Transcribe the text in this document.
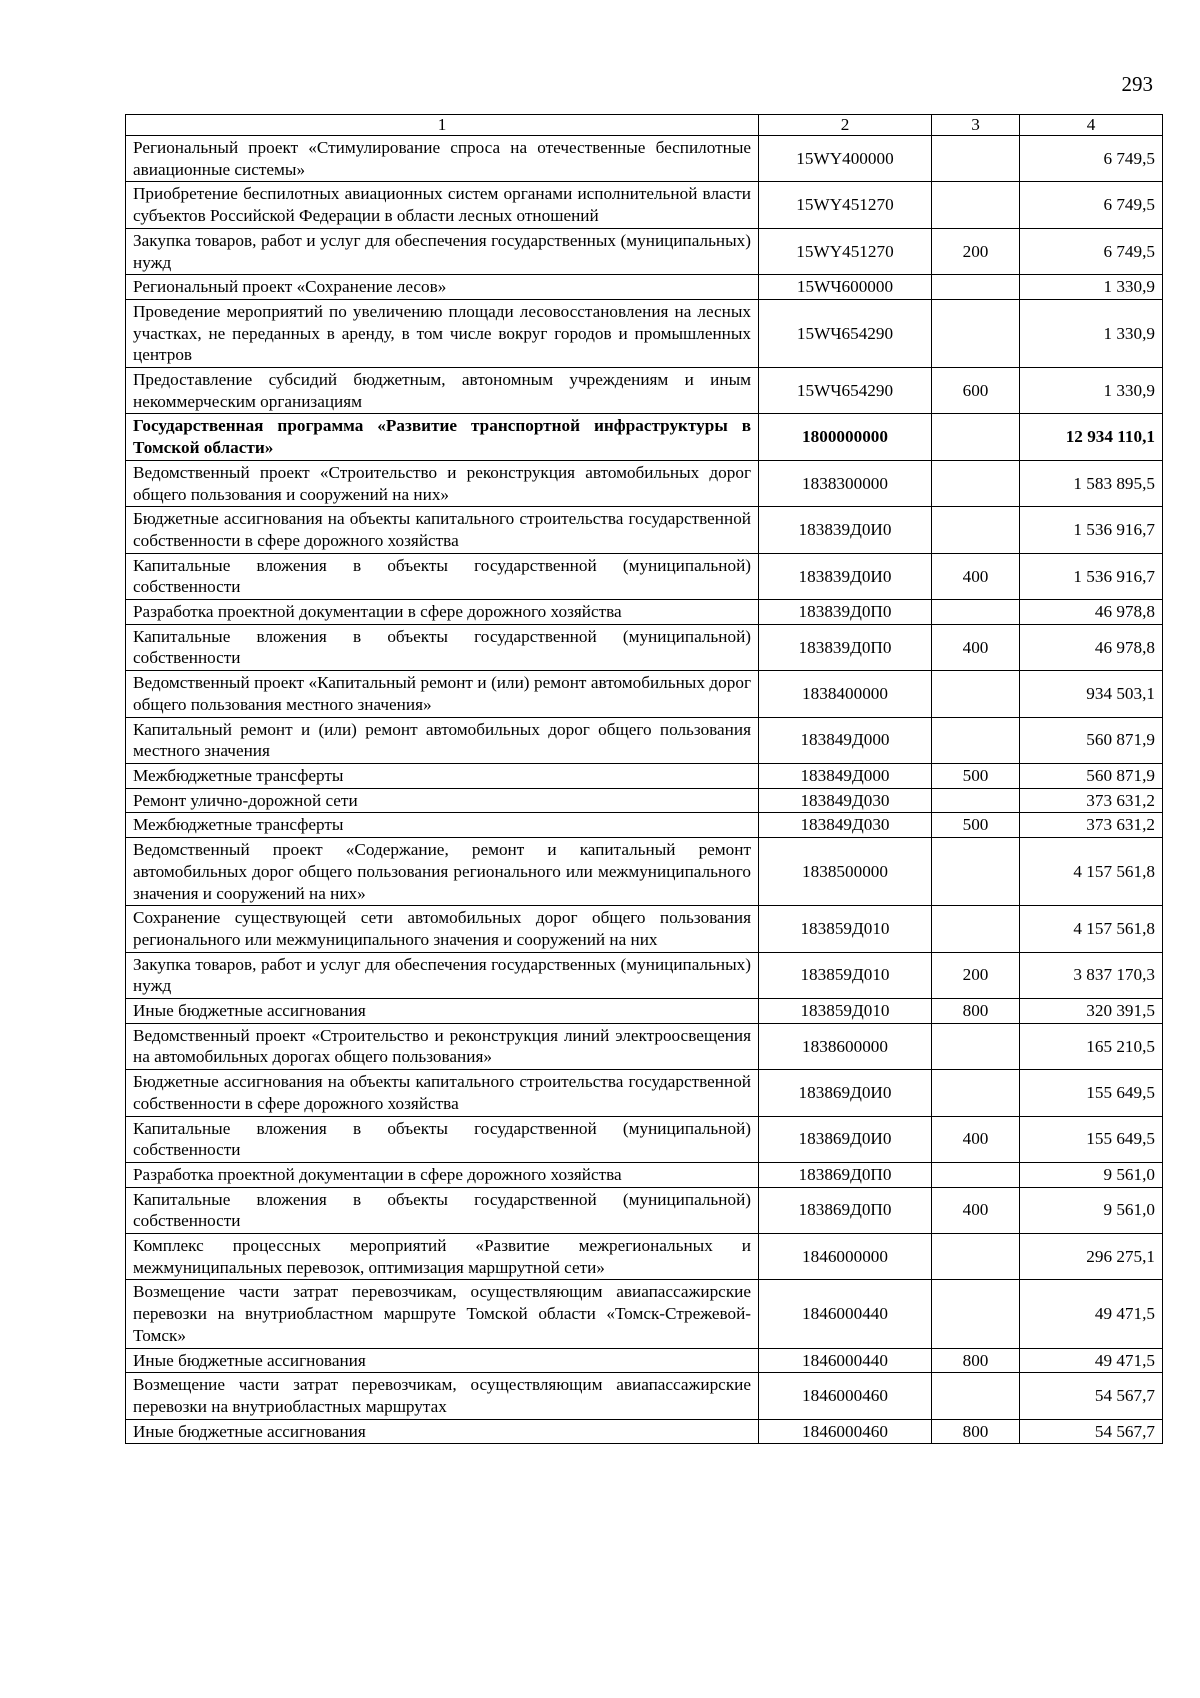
293
1	2	3	4
Региональный проект «Стимулирование спроса на отечественные беспилотные авиационные системы»	15WY400000		6 749,5
Приобретение беспилотных авиационных систем органами исполнительной власти субъектов Российской Федерации в области лесных отношений	15WY451270		6 749,5
Закупка товаров, работ и услуг для обеспечения государственных (муниципальных) нужд	15WY451270	200	6 749,5
Региональный проект «Сохранение лесов»	15WЧ600000		1 330,9
Проведение мероприятий по увеличению площади лесовосстановления на лесных участках, не переданных в аренду, в том числе вокруг городов и промышленных центров	15WЧ654290		1 330,9
Предоставление субсидий бюджетным, автономным учреждениям и иным некоммерческим организациям	15WЧ654290	600	1 330,9
Государственная программа «Развитие транспортной инфраструктуры в Томской области»	1800000000		12 934 110,1
Ведомственный проект «Строительство и реконструкция автомобильных дорог общего пользования и сооружений на них»	1838300000		1 583 895,5
Бюджетные ассигнования на объекты капитального строительства государственной собственности в сфере дорожного хозяйства	183839Д0И0		1 536 916,7
Капитальные вложения в объекты государственной (муниципальной) собственности	183839Д0И0	400	1 536 916,7
Разработка проектной документации в сфере дорожного хозяйства	183839Д0П0		46 978,8
Капитальные вложения в объекты государственной (муниципальной) собственности	183839Д0П0	400	46 978,8
Ведомственный проект «Капитальный ремонт и (или) ремонт автомобильных дорог общего пользования местного значения»	1838400000		934 503,1
Капитальный ремонт и (или) ремонт автомобильных дорог общего пользования местного значения	183849Д000		560 871,9
Межбюджетные трансферты	183849Д000	500	560 871,9
Ремонт улично-дорожной сети	183849Д030		373 631,2
Межбюджетные трансферты	183849Д030	500	373 631,2
Ведомственный проект «Содержание, ремонт и капитальный ремонт автомобильных дорог общего пользования регионального или межмуниципального значения и сооружений на них»	1838500000		4 157 561,8
Сохранение существующей сети автомобильных дорог общего пользования регионального или межмуниципального значения и сооружений на них	183859Д010		4 157 561,8
Закупка товаров, работ и услуг для обеспечения государственных (муниципальных) нужд	183859Д010	200	3 837 170,3
Иные бюджетные ассигнования	183859Д010	800	320 391,5
Ведомственный проект «Строительство и реконструкция линий электроосвещения на автомобильных дорогах общего пользования»	1838600000		165 210,5
Бюджетные ассигнования на объекты капитального строительства государственной собственности в сфере дорожного хозяйства	183869Д0И0		155 649,5
Капитальные вложения в объекты государственной (муниципальной) собственности	183869Д0И0	400	155 649,5
Разработка проектной документации в сфере дорожного хозяйства	183869Д0П0		9 561,0
Капитальные вложения в объекты государственной (муниципальной) собственности	183869Д0П0	400	9 561,0
Комплекс процессных мероприятий «Развитие межрегиональных и межмуниципальных перевозок, оптимизация маршрутной сети»	1846000000		296 275,1
Возмещение части затрат перевозчикам, осуществляющим авиапассажирские перевозки на внутриобластном маршруте Томской области «Томск-Стрежевой-Томск»	1846000440		49 471,5
Иные бюджетные ассигнования	1846000440	800	49 471,5
Возмещение части затрат перевозчикам, осуществляющим авиапассажирские перевозки на внутриобластных маршрутах	1846000460		54 567,7
Иные бюджетные ассигнования	1846000460	800	54 567,7
